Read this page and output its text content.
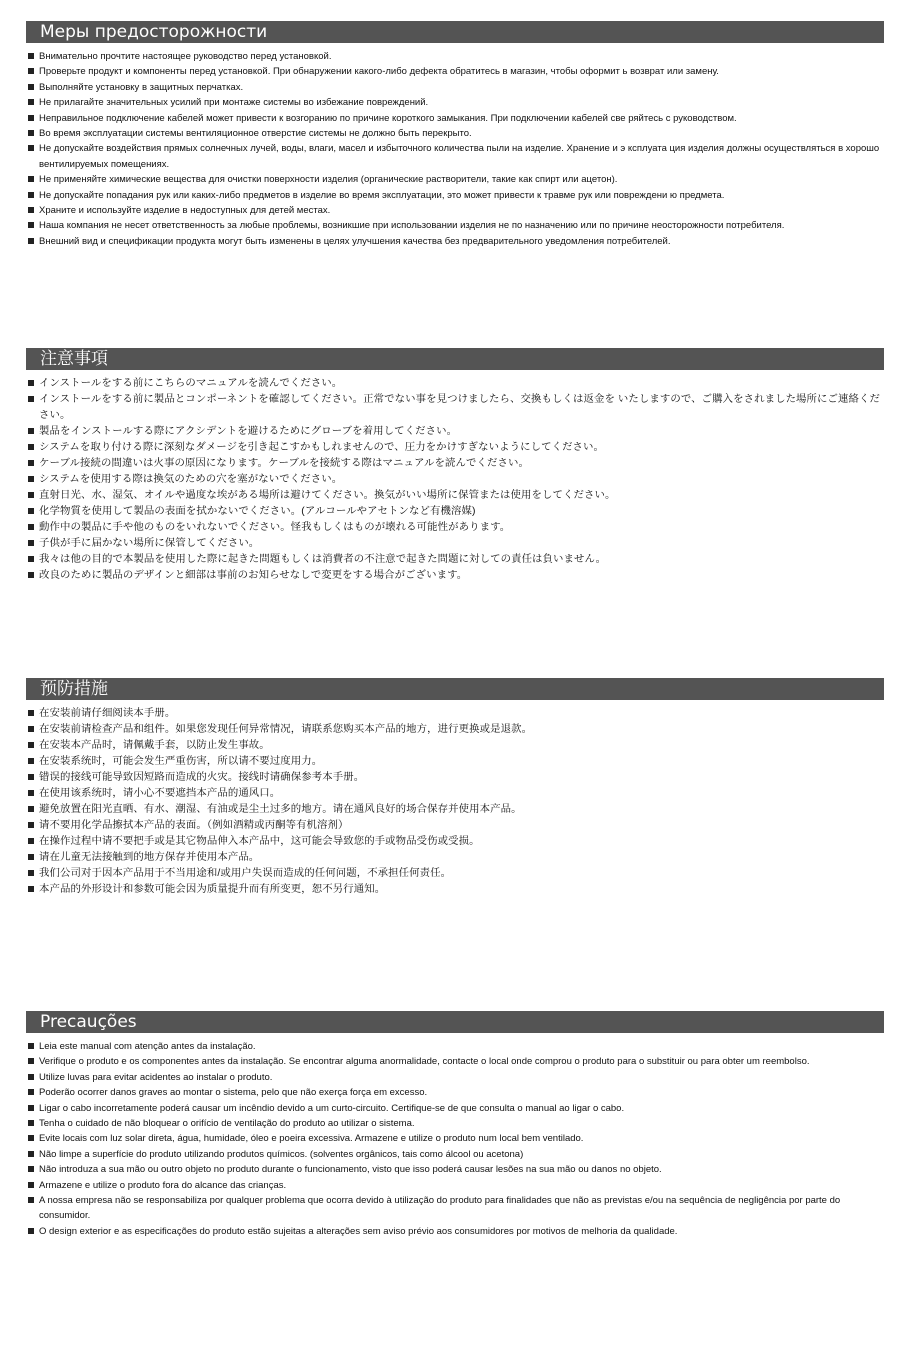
Меры предосторожности
Внимательно прочтите настоящее руководство перед установкой.
Проверьте продукт и компоненты перед установкой. При обнаружении какого-либо дефекта обратитесь в магазин, чтобы оформит ь возврат или замену.
Выполняйте установку в защитных перчатках.
Не прилагайте значительных усилий при монтаже системы во избежание повреждений.
Неправильное подключение кабелей может привести к возгоранию по причине короткого замыкания. При подключении кабелей све ряйтесь с руководством.
Во время эксплуатации системы вентиляционное отверстие системы не должно быть перекрыто.
Не допускайте воздействия прямых солнечных лучей, воды, влаги, масел и избыточного количества пыли на изделие. Хранение и э ксплуата ция изделия должны осуществляться в хорошо вентилируемых помещениях.
Не применяйте химические вещества для очистки поверхности изделия (органические растворители, такие как спирт или ацетон).
Не допускайте попадания рук или каких-либо предметов в изделие во время эксплуатации, это может привести к травме рук или повреждени ю предмета.
Храните и используйте изделие в недоступных для детей местах.
Наша компания не несет ответственность за любые проблемы, возникшие при использовании изделия не по назначению или по причине неосторожности потребителя.
Внешний вид и спецификации продукта могут быть изменены в целях улучшения качества без предварительного уведомления потребителей.
注意事項
インストールをする前にこちらのマニュアルを読んでください。
インストールをする前に製品とコンポーネントを確認してください。正常でない事を見つけましたら、交換もしくは返金を いたしますので、ご購入をされました場所にご連絡ください。
製品をインストールする際にアクシデントを避けるためにグローブを着用してください。
システムを取り付ける際に深刻なダメージを引き起こすかもしれませんので、圧力をかけすぎないようにしてください。
ケーブル接続の間違いは火事の原因になります。ケーブルを接続する際はマニュアルを読んでください。
システムを使用する際は換気のための穴を塞がないでください。
直射日光、水、湿気、オイルや過度な埃がある場所は避けてください。換気がいい場所に保管または使用をしてください。
化学物質を使用して製品の表面を拭かないでください。(アルコールやアセトンなど有機溶媒)
動作中の製品に手や他のものをいれないでください。怪我もしくはものが壊れる可能性があります。
子供が手に届かない場所に保管してください。
我々は他の目的で本製品を使用した際に起きた問題もしくは消費者の不注意で起きた問題に対しての責任は負いません。
改良のために製品のデザインと細部は事前のお知らせなしで変更をする場合がございます。
预防措施
在安装前请仔细阅读本手册。
在安装前请检查产品和组件。如果您发现任何异常情况，请联系您购买本产品的地方，进行更换或是退款。
在安装本产品时，请佩戴手套，以防止发生事故。
在安装系统时，可能会发生严重伤害，所以请不要过度用力。
错误的接线可能导致因短路而造成的火灾。接线时请确保参考本手册。
在使用该系统时，请小心不要遮挡本产品的通风口。
避免放置在阳光直晒、有水、潮湿、有油或是尘土过多的地方。请在通风良好的场合保存并使用本产品。
请不要用化学品擦拭本产品的表面。（例如酒精或丙酮等有机溶剂）
在操作过程中请不要把手或是其它物品伸入本产品中，这可能会导致您的手或物品受伤或受损。
请在儿童无法接触到的地方保存并使用本产品。
我们公司对于因本产品用于不当用途和/或用户失误而造成的任何问题，不承担任何责任。
本产品的外形设计和参数可能会因为质量提升而有所变更，恕不另行通知。
Precauções
Leia este manual com atenção antes da instalação.
Verifique o produto e os componentes antes da instalação. Se encontrar alguma anormalidade, contacte o local onde comprou o produto para o substituir ou para obter um reembolso.
Utilize luvas para evitar acidentes ao instalar o produto.
Poderão ocorrer danos graves ao montar o sistema, pelo que não exerça força em excesso.
Ligar o cabo incorretamente poderá causar um incêndio devido a um curto-circuito. Certifique-se de que consulta o manual ao ligar o cabo.
Tenha o cuidado de não bloquear o orifício de ventilação do produto ao utilizar o sistema.
Evite locais com luz solar direta, água, humidade, óleo e poeira excessiva. Armazene e utilize o produto num local bem ventilado.
Não limpe a superfície do produto utilizando produtos químicos. (solventes orgânicos, tais como álcool ou acetona)
Não introduza a sua mão ou outro objeto no produto durante o funcionamento, visto que isso poderá causar lesões na sua mão ou danos no objeto.
Armazene e utilize o produto fora do alcance das crianças.
A nossa empresa não se responsabiliza por qualquer problema que ocorra devido à utilização do produto para finalidades que não as previstas e/ou na sequência de negligência por parte do consumidor.
O design exterior e as especificações do produto estão sujeitas a alterações sem aviso prévio aos consumidores por motivos de melhoria da qualidade.
